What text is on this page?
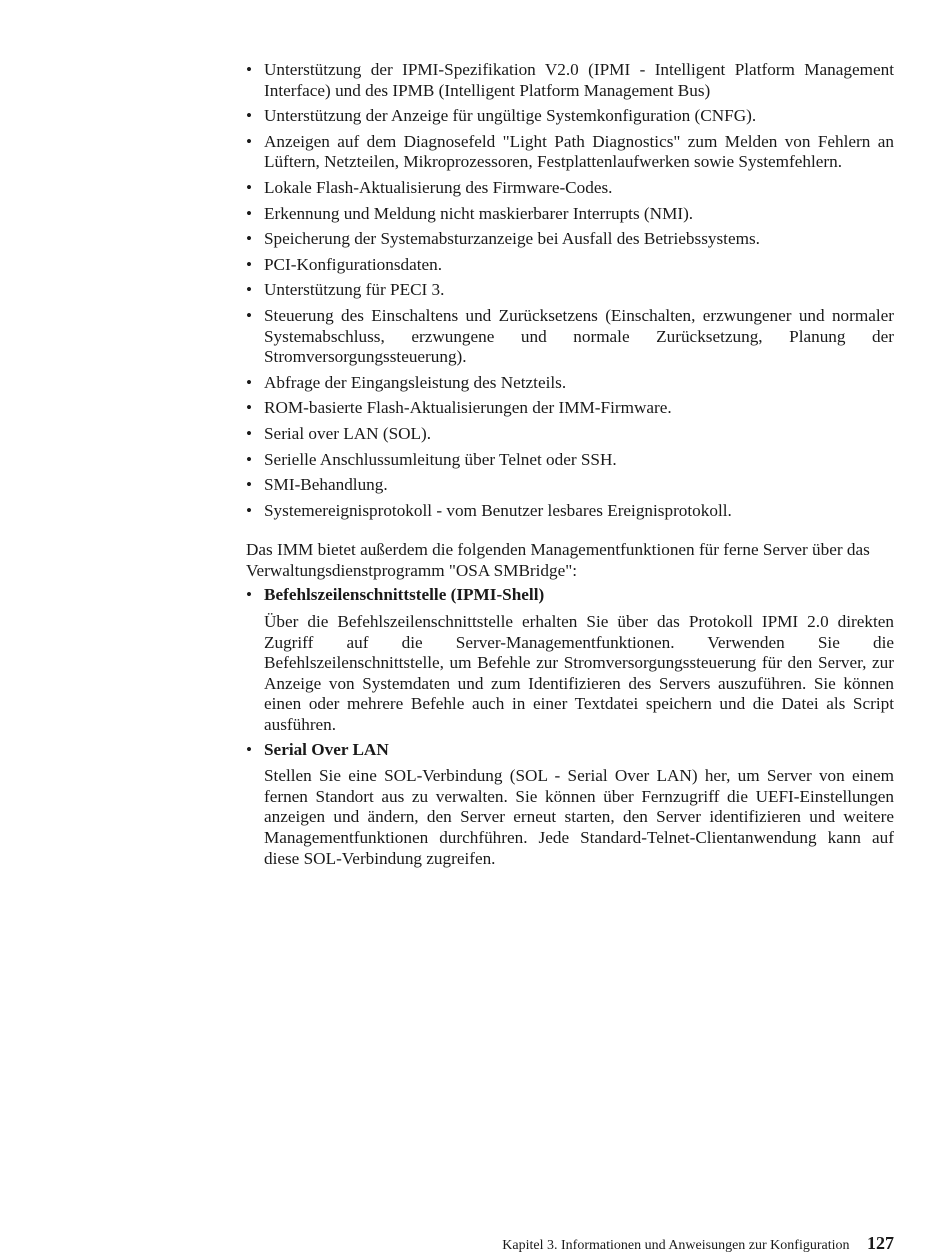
• Unterstützung der IPMI-Spezifikation V2.0 (IPMI - Intelligent Platform Management Interface) und des IPMB (Intelligent Platform Management Bus)
• Unterstützung der Anzeige für ungültige Systemkonfiguration (CNFG).
• Anzeigen auf dem Diagnosefeld "Light Path Diagnostics" zum Melden von Fehlern an Lüftern, Netzteilen, Mikroprozessoren, Festplattenlaufwerken sowie Systemfehlern.
• Lokale Flash-Aktualisierung des Firmware-Codes.
• Erkennung und Meldung nicht maskierbarer Interrupts (NMI).
• Speicherung der Systemabsturzanzeige bei Ausfall des Betriebssystems.
• PCI-Konfigurationsdaten.
• Unterstützung für PECI 3.
• Steuerung des Einschaltens und Zurücksetzens (Einschalten, erzwungener und normaler Systemabschluss, erzwungene und normale Zurücksetzung, Planung der Stromversorgungssteuerung).
• Abfrage der Eingangsleistung des Netzteils.
• ROM-basierte Flash-Aktualisierungen der IMM-Firmware.
• Serial over LAN (SOL).
• Serielle Anschlussumleitung über Telnet oder SSH.
• SMI-Behandlung.
• Systemereignisprotokoll - vom Benutzer lesbares Ereignisprotokoll.

Das IMM bietet außerdem die folgenden Managementfunktionen für ferne Server über das Verwaltungsdienstprogramm "OSA SMBridge":

• Befehlszeilenschnittstelle (IPMI-Shell)
Über die Befehlszeilenschnittstelle erhalten Sie über das Protokoll IPMI 2.0 direkten Zugriff auf die Server-Managementfunktionen. Verwenden Sie die Befehlszeilenschnittstelle, um Befehle zur Stromversorgungssteuerung für den Server, zur Anzeige von Systemdaten und zum Identifizieren des Servers auszuführen. Sie können einen oder mehrere Befehle auch in einer Textdatei speichern und die Datei als Script ausführen.
• Serial Over LAN
Stellen Sie eine SOL-Verbindung (SOL - Serial Over LAN) her, um Server von einem fernen Standort aus zu verwalten. Sie können über Fernzugriff die UEFI-Einstellungen anzeigen und ändern, den Server erneut starten, den Server identifizieren und weitere Managementfunktionen durchführen. Jede Standard-Telnet-Clientanwendung kann auf diese SOL-Verbindung zugreifen.
Kapitel 3. Informationen und Anweisungen zur Konfiguration 127
